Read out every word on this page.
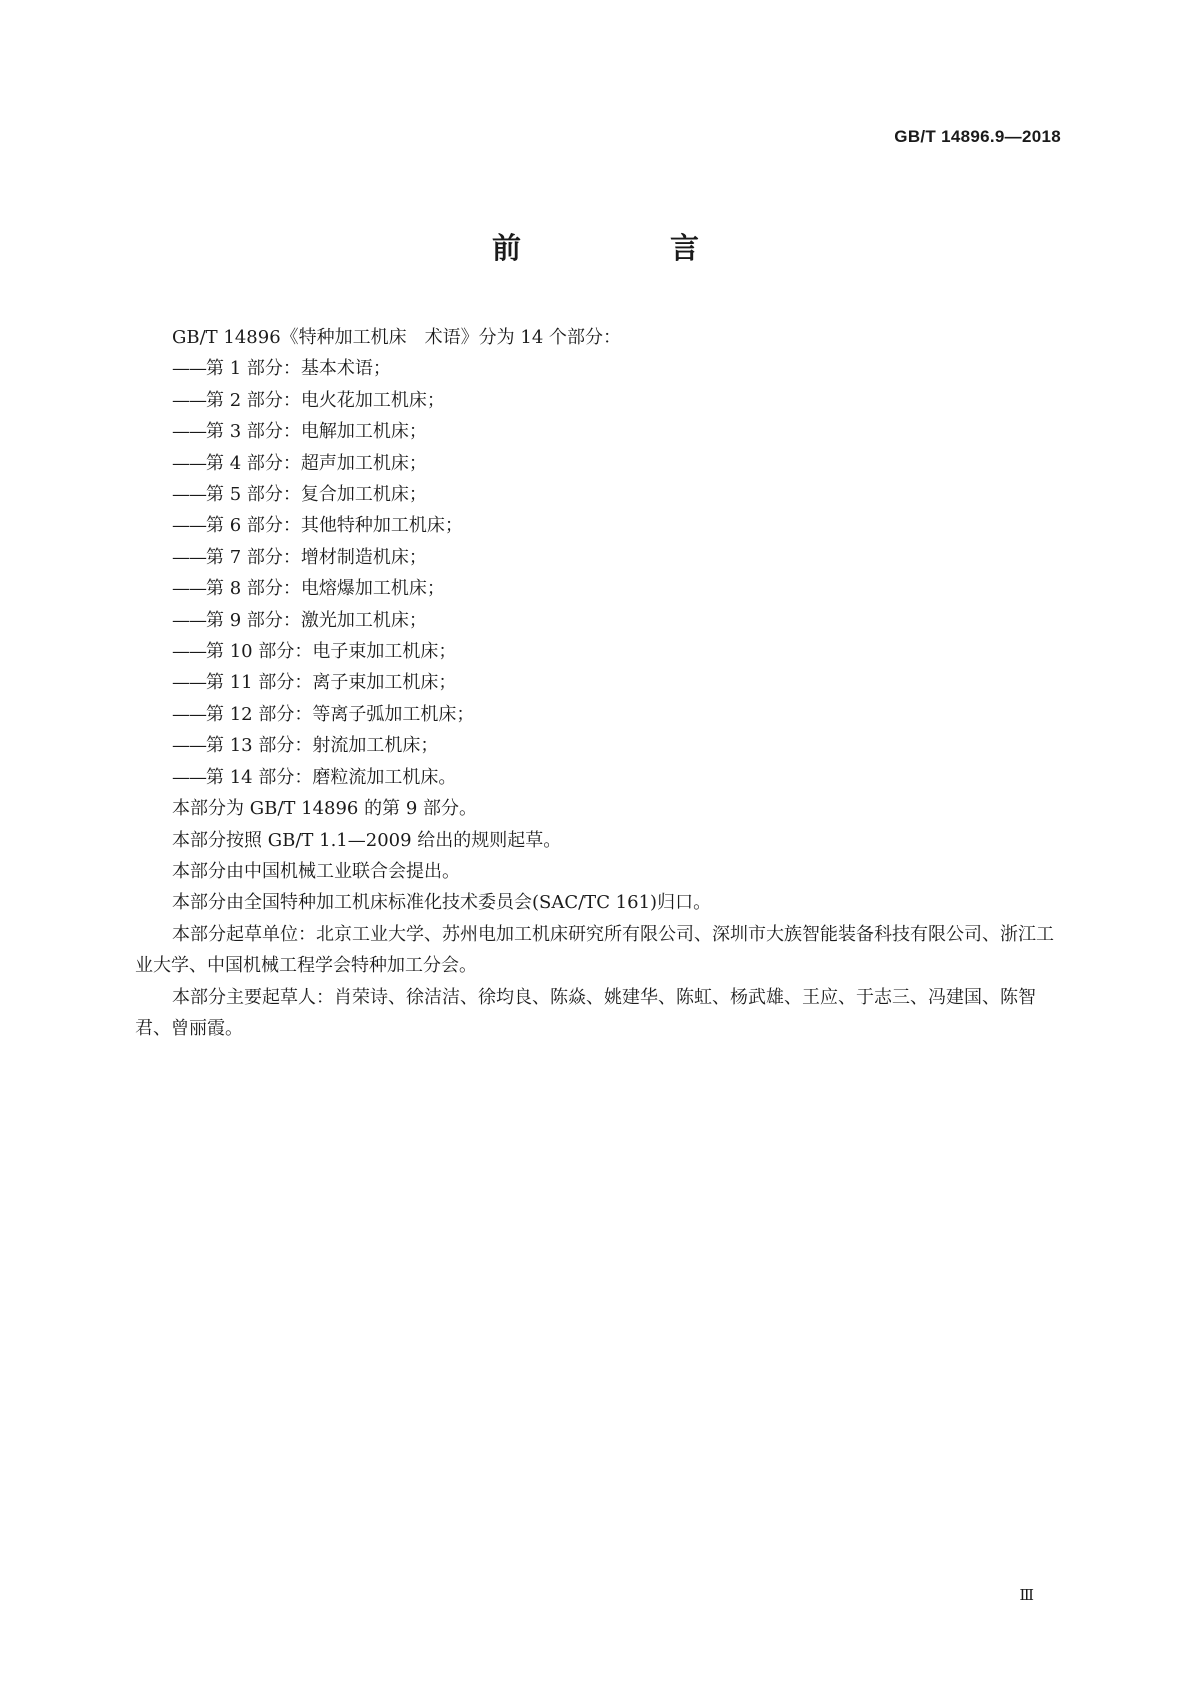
GB/T 14896.9—2018
前　言

GB/T 14896《特种加工机床　术语》分为 14 个部分：

——第 1 部分：基本术语；

——第 2 部分：电火花加工机床；

——第 3 部分：电解加工机床；

——第 4 部分：超声加工机床；

——第 5 部分：复合加工机床；

——第 6 部分：其他特种加工机床；

——第 7 部分：增材制造机床；

——第 8 部分：电熔爆加工机床；

——第 9 部分：激光加工机床；

——第 10 部分：电子束加工机床；

——第 11 部分：离子束加工机床；

——第 12 部分：等离子弧加工机床；

——第 13 部分：射流加工机床；

——第 14 部分：磨粒流加工机床。

本部分为 GB/T 14896 的第 9 部分。

本部分按照 GB/T 1.1—2009 给出的规则起草。

本部分由中国机械工业联合会提出。

本部分由全国特种加工机床标准化技术委员会(SAC/TC 161)归口。

本部分起草单位：北京工业大学、苏州电加工机床研究所有限公司、深圳市大族智能装备科技有限公司、浙江工业大学、中国机械工程学会特种加工分会。

本部分主要起草人：肖荣诗、徐洁洁、徐均良、陈焱、姚建华、陈虹、杨武雄、王应、于志三、冯建国、陈智君、曾丽霞。

Ⅲ
